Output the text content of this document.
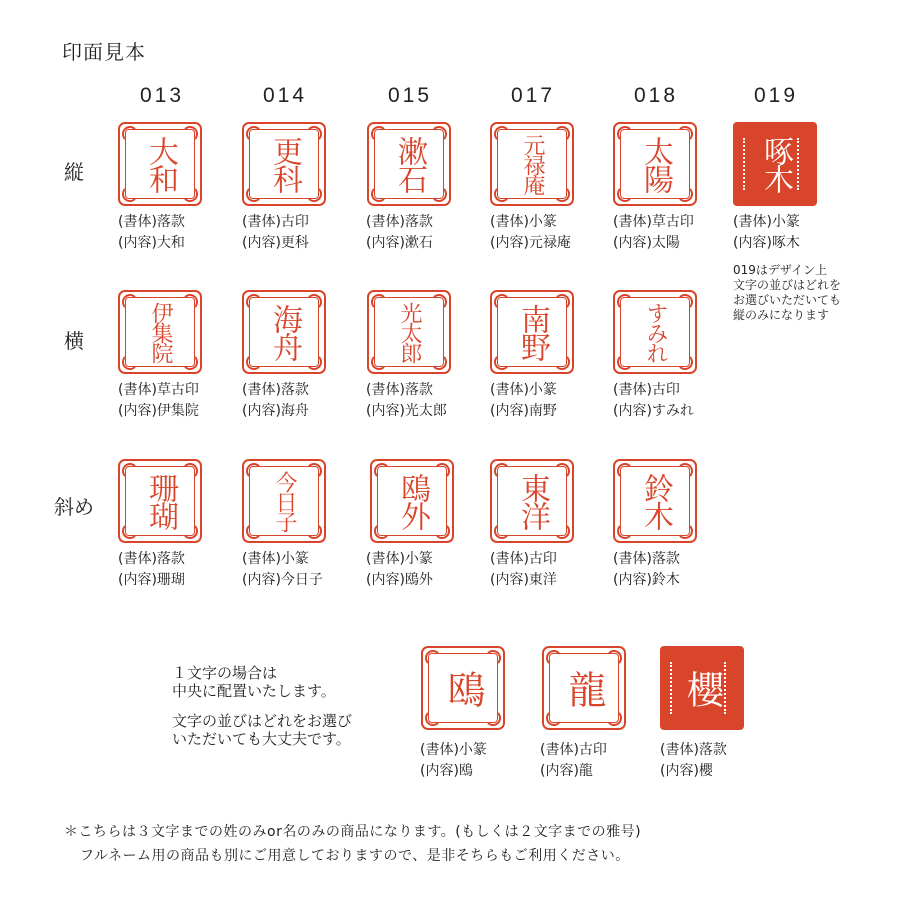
印面見本
013	014	015	017	018	019
縦
横
斜め
大和
(書体)落款
(内容)大和
更科
(書体)古印
(内容)更科
漱石
(書体)落款
(内容)漱石
元禄庵
(書体)小篆
(内容)元禄庵
太陽
(書体)草古印
(内容)太陽
啄木
(書体)小篆
(内容)啄木
019はデザイン上
文字の並びはどれを
お選びいただいても
縦のみになります
伊集院
(書体)草古印
(内容)伊集院
海舟
(書体)落款
(内容)海舟
光太郎
(書体)落款
(内容)光太郎
南野
(書体)小篆
(内容)南野
すみれ
(書体)古印
(内容)すみれ
珊瑚
(書体)落款
(内容)珊瑚
今日子
(書体)小篆
(内容)今日子
鴎外
(書体)小篆
(内容)鴎外
東洋
(書体)古印
(内容)東洋
鈴木
(書体)落款
(内容)鈴木
１文字の場合は
中央に配置いたします。
文字の並びはどれをお選び
いただいても大丈夫です。
鴎
(書体)小篆
(内容)鴎
龍
(書体)古印
(内容)龍
櫻
(書体)落款
(内容)櫻
＊こちらは３文字までの姓のみor名のみの商品になります。(もしくは２文字までの雅号)
フルネーム用の商品も別にご用意しておりますので、是非そちらもご利用ください。
